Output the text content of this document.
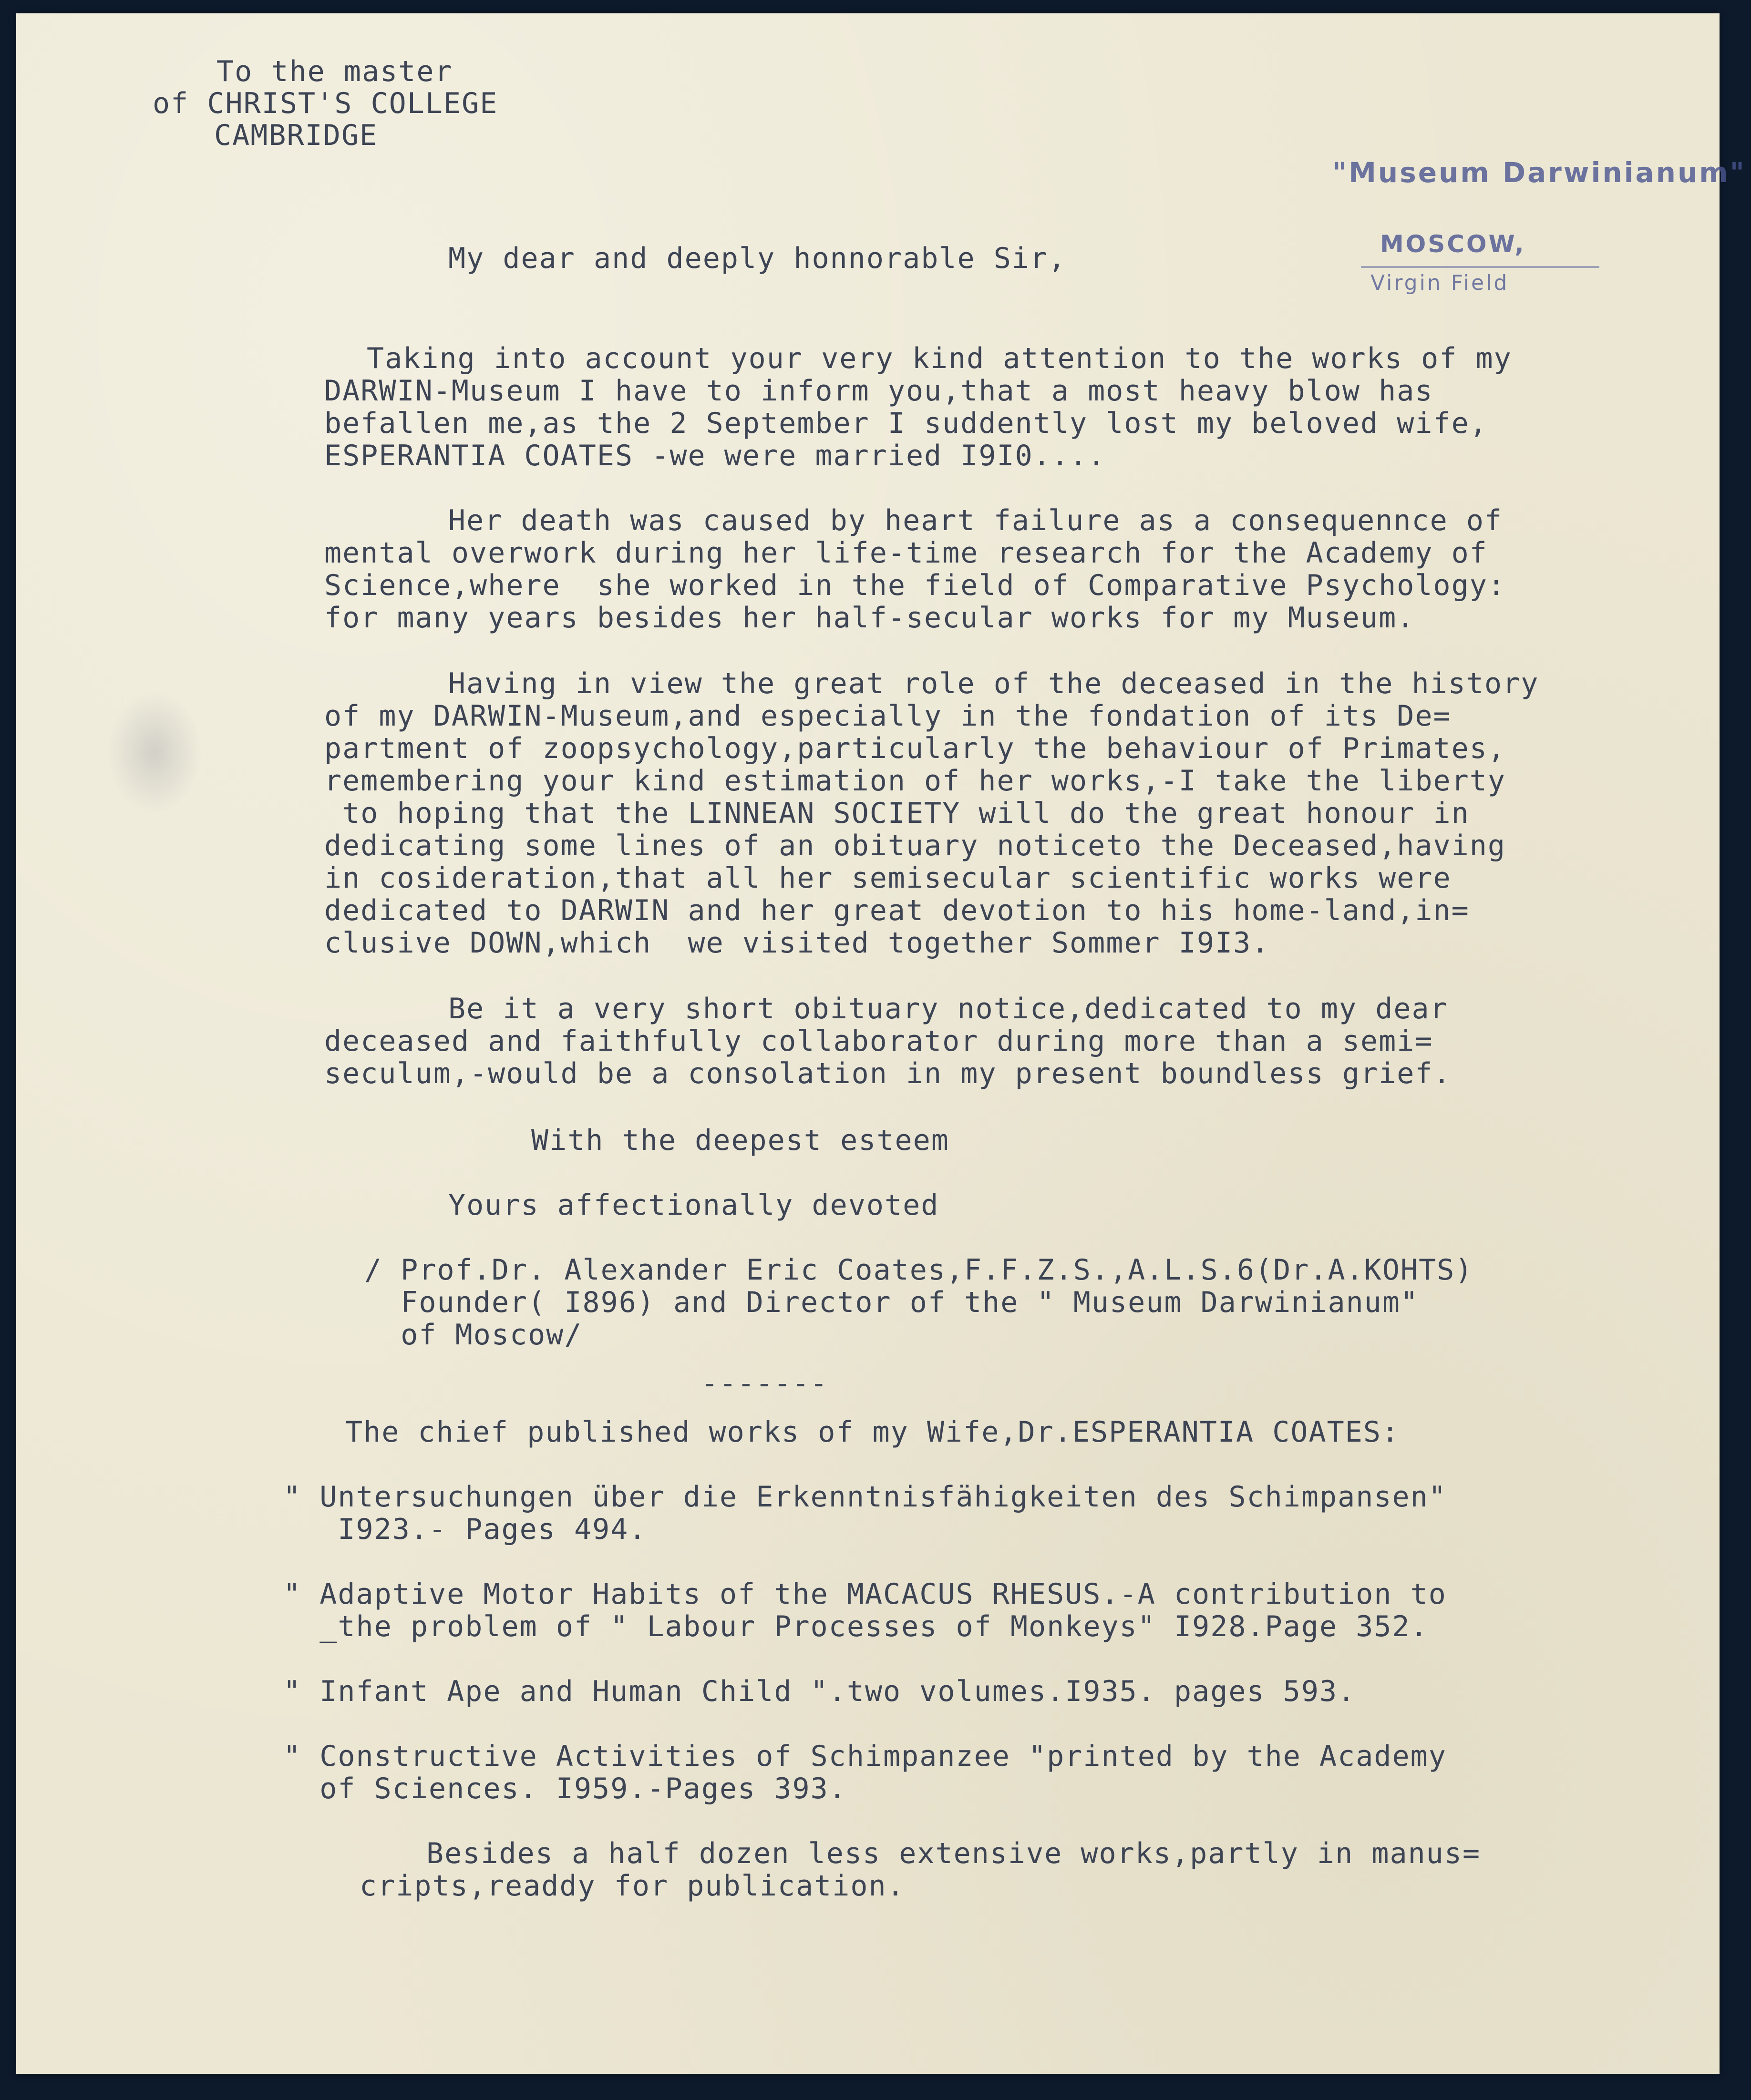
To the master

of CHRIST'S COLLEGE

CAMBRIDGE

"Museum Darwinianum"
MOSCOW,
Virgin Field

My dear and deeply honnorable Sir,

Taking into account your very kind attention to the works of my

DARWIN-Museum I have to inform you,that a most heavy blow has

befallen me,as the 2 September I suddently lost my beloved wife,

ESPERANTIA COATES -we were married I9I0....

Her death was caused by heart failure as a consequennce of

mental overwork during her life-time research for the Academy of

Science,where  she worked in the field of Comparative Psychology:

for many years besides her half-secular works for my Museum.

Having in view the great role of the deceased in the history

of my DARWIN-Museum,and especially in the fondation of its De=

partment of zoopsychology,particularly the behaviour of Primates,

remembering your kind estimation of her works,-I take the liberty

to hoping that the LINNEAN SOCIETY will do the great honour in

dedicating some lines of an obituary noticeto the Deceased,having

in cosideration,that all her semisecular scientific works were

dedicated to DARWIN and her great devotion to his home-land,in=

clusive DOWN,which  we visited together Sommer I9I3.

Be it a very short obituary notice,dedicated to my dear

deceased and faithfully collaborator during more than a semi=

seculum,-would be a consolation in my present boundless grief.

With the deepest esteem

Yours affectionally devoted

/ Prof.Dr. Alexander Eric Coates,F.F.Z.S.,A.L.S.6(Dr.A.KOHTS)

Founder( I896) and Director of the " Museum Darwinianum"

of Moscow/

-------

The chief published works of my Wife,Dr.ESPERANTIA COATES:

" Untersuchungen über die Erkenntnisfähigkeiten des Schimpansen"

I923.- Pages 494.

" Adaptive Motor Habits of the MACACUS RHESUS.-A contribution to

_the problem of " Labour Processes of Monkeys" I928.Page 352.

" Infant Ape and Human Child ".two volumes.I935. pages 593.

" Constructive Activities of Schimpanzee "printed by the Academy

of Sciences. I959.-Pages 393.

Besides a half dozen less extensive works,partly in manus=

cripts,readdy for publication.
